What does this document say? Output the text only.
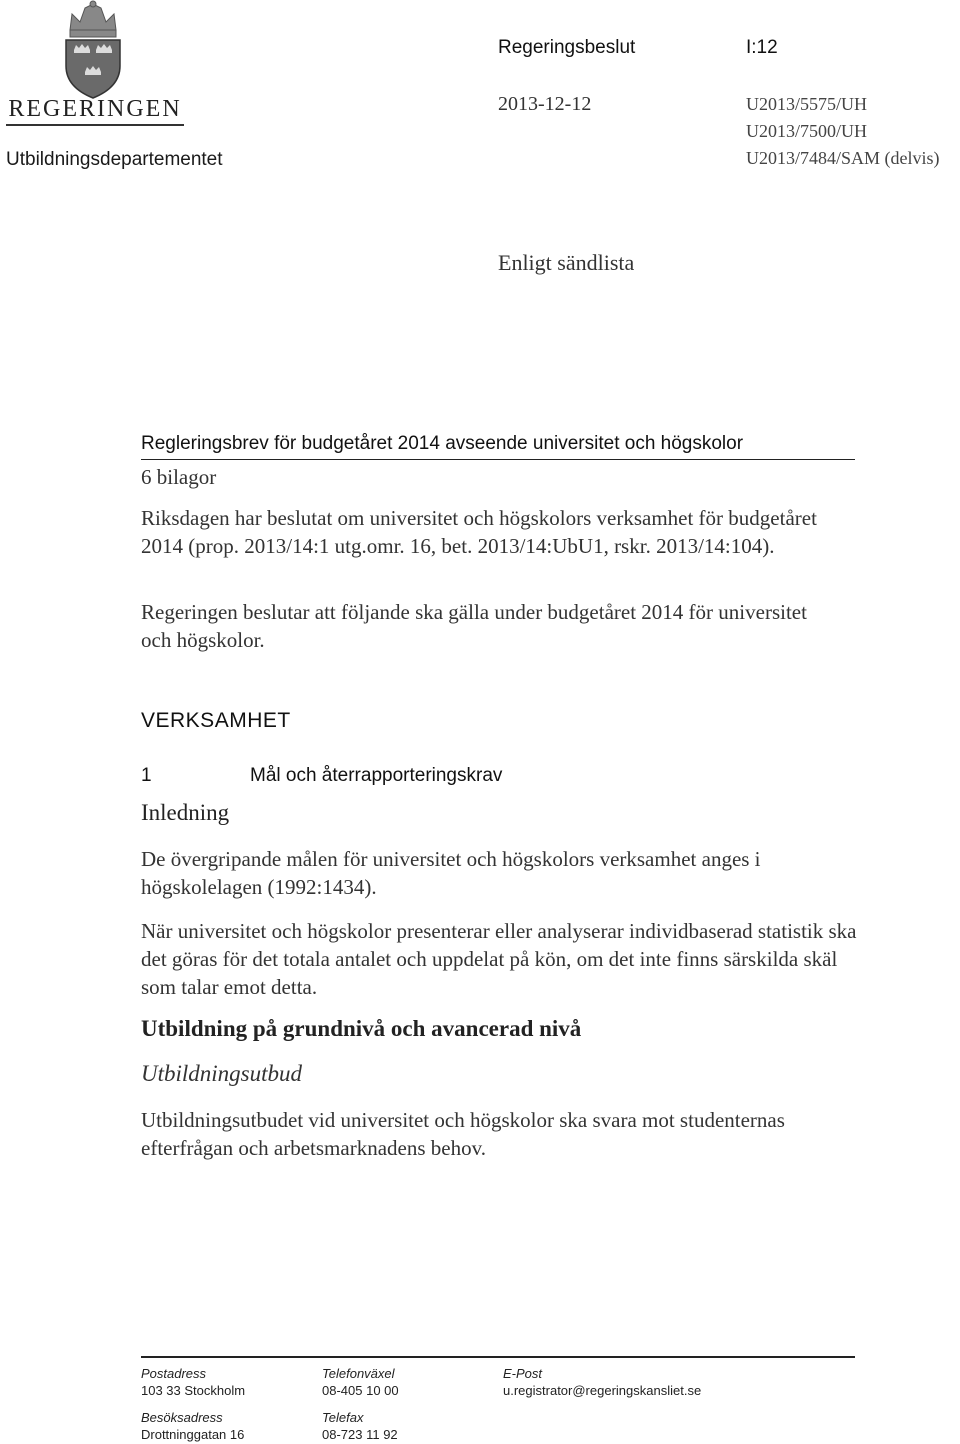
REGERINGEN
Utbildningsdepartementet
Regeringsbeslut	I:12
2013-12-12	U2013/5575/UH
U2013/7500/UH
U2013/7484/SAM (delvis)
Enligt sändlista
Regleringsbrev för budgetåret 2014 avseende universitet och högskolor
6 bilagor
Riksdagen har beslutat om universitet och högskolors verksamhet för budgetåret 2014 (prop. 2013/14:1 utg.omr. 16, bet. 2013/14:UbU1, rskr. 2013/14:104).
Regeringen beslutar att följande ska gälla under budgetåret 2014 för universitet och högskolor.
VERKSAMHET
1	Mål och återrapporteringskrav
Inledning
De övergripande målen för universitet och högskolors verksamhet anges i högskolelagen (1992:1434).
När universitet och högskolor presenterar eller analyserar individbaserad statistik ska det göras för det totala antalet och uppdelat på kön, om det inte finns särskilda skäl som talar emot detta.
Utbildning på grundnivå och avancerad nivå
Utbildningsutbud
Utbildningsutbudet vid universitet och högskolor ska svara mot studenternas efterfrågan och arbetsmarknadens behov.
Postadress
103 33 Stockholm
Telefonväxel
08-405 10 00
E-Post
u.registrator@regeringskansliet.se
Besöksadress
Drottninggatan 16
Telefax
08-723 11 92
